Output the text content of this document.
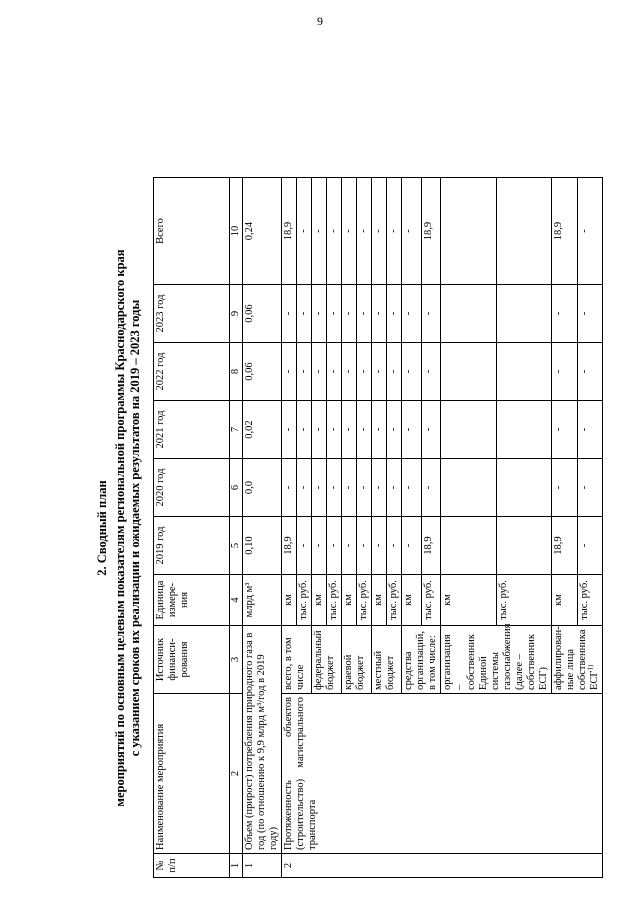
9
2. Сводный план мероприятий по основным целевым показателям региональной программы Краснодарского края с указанием сроков их реализации и ожидаемых результатов на 2019 – 2023 годы
№ п/п	Наименование мероприятия	Источник финанси-рования	Единица измере-ния	2019 год	2020 год	2021 год	2022 год	2023 год	Всего
1	2	3	4	5	6	7	8	9	10
1	Объем (прирост) потребления природного газа в год (по отношению к 9,9 млрд м³/год в 2019 году)		млрд м³	0,10	0,0	0,02	0,06	0,06	0,24
2	Протяженность объектов (строительство) магистрального транспорта	всего, в том числе	км	18,9	-	-	-	-	18,9
			тыс. руб.	-	-	-	-	-	-
		федеральный бюджет	км	-	-	-	-	-	-
			тыс. руб.	-	-	-	-	-	-
		краевой бюджет	км	-	-	-	-	-	-
			тыс. руб.	-	-	-	-	-	-
		местный бюджет	км	-	-	-	-	-	-
			тыс. руб.	-	-	-	-	-	-
		средства организаций, в том числе:	км	-	-	-	-	-	-
			тыс. руб.	18,9	-	-	-	-	18,9
		организация – собственник Единой системы газоснабжения (далее – собственник ЕСГ)	км						
			тыс. руб.						
		аффилирован-ные лица собственника ЕСГ$^{1)}$	км	18,9	-	-	-	-	18,9
			тыс. руб.	-	-	-	-	-	-
